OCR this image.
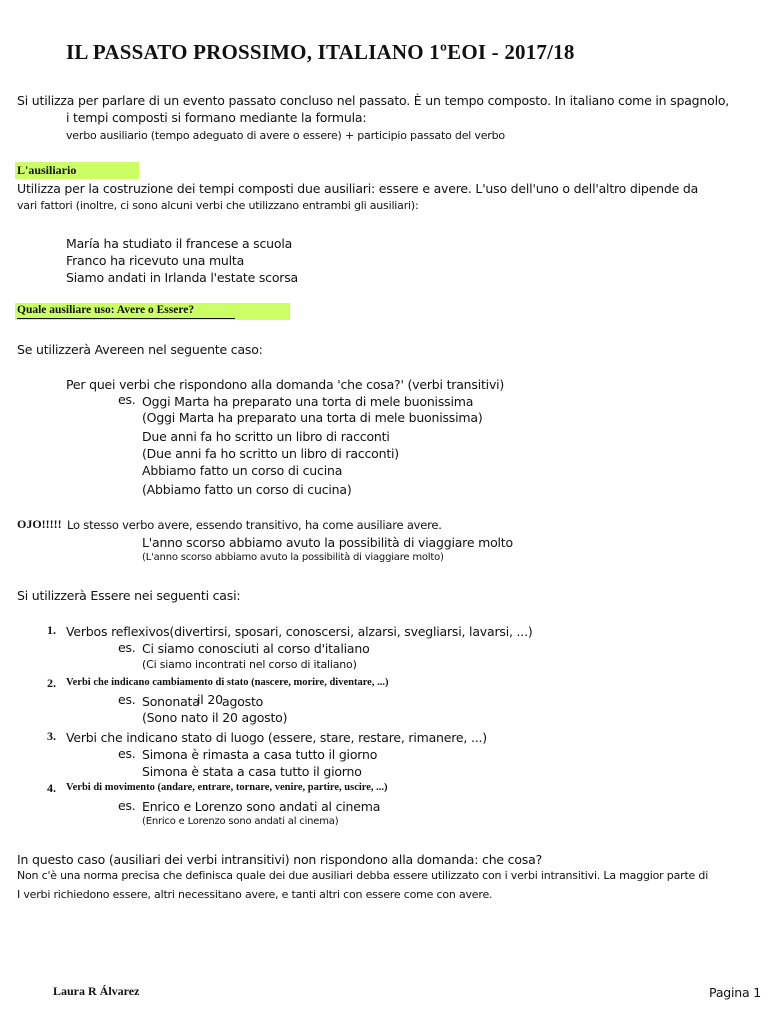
IL PASSATO PROSSIMO, ITALIANO 1ºEOI - 2017/18
Si utilizza per parlare di un evento passato concluso nel passato. È un tempo composto. In italiano come in spagnolo,
i tempi composti si formano mediante la formula:
verbo ausiliario (tempo adeguato di avere o essere) + participio passato del verbo
L'ausiliario
Utilizza per la costruzione dei tempi composti due ausiliari: essere e avere. L'uso dell'uno o dell'altro dipende da
vari fattori (inoltre, ci sono alcuni verbi che utilizzano entrambi gli ausiliari):
María ha studiato il francese a scuola
Franco ha ricevuto una multa
Siamo andati in Irlanda l'estate scorsa
Quale ausiliare uso: Avere o Essere?
Se utilizzerà Avereen nel seguente caso:
Per quei verbi che rispondono alla domanda 'che cosa?' (verbi transitivi)
es. Oggi Marta ha preparato una torta di mele buonissima
(Oggi Marta ha preparato una torta di mele buonissima)
Due anni fa ho scritto un libro di racconti
(Due anni fa ho scritto un libro di racconti)
Abbiamo fatto un corso di cucina
(Abbiamo fatto un corso di cucina)
OJO!!!!! Lo stesso verbo avere, essendo transitivo, ha come ausiliare avere.
L'anno scorso abbiamo avuto la possibilità di viaggiare molto
(L'anno scorso abbiamo avuto la possibilità di viaggiare molto)
Si utilizzerà Essere nei seguenti casi:
1. Verbos reflexivos(divertirsi, sposari, conoscersi, alzarsi, svegliarsi, lavarsi, ...)
es. Ci siamo conosciuti al corso d'italiano
(Ci siamo incontrati nel corso di italiano)
2. Verbi che indicano cambiamento di stato (nascere, morire, diventare, ...)
es. Sononata
il 20 agosto
(Sono nato il 20 agosto)
3. Verbi che indicano stato di luogo (essere, stare, restare, rimanere, ...)
es. Simona è rimasta a casa tutto il giorno
Simona è stata a casa tutto il giorno
4. Verbi di movimento (andare, entrare, tornare, venire, partire, uscire, ...)
es. Enrico e Lorenzo sono andati al cinema
(Enrico e Lorenzo sono andati al cinema)
In questo caso (ausiliari dei verbi intransitivi) non rispondono alla domanda: che cosa?
Non c'è una norma precisa che definisca quale dei due ausiliari debba essere utilizzato con i verbi intransitivi. La maggior parte di
I verbi richiedono essere, altri necessitano avere, e tanti altri con essere come con avere.
Laura R Álvarez	Pagina 1
